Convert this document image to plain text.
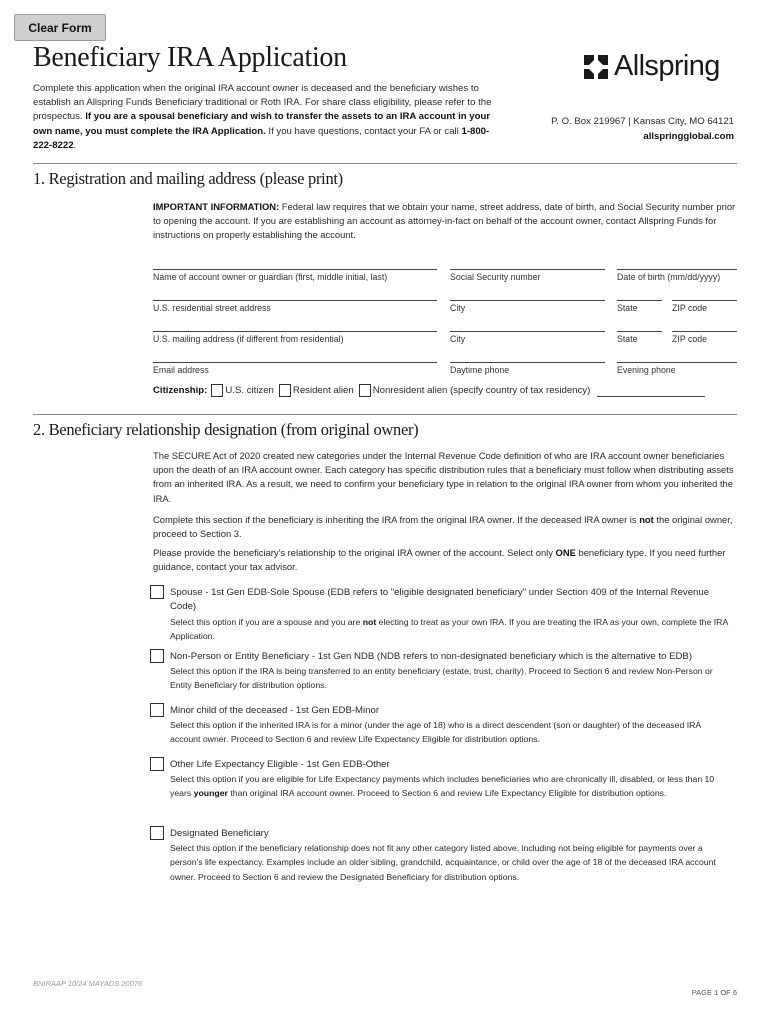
Clear Form
Beneficiary IRA Application	Allspring
Complete this application when the original IRA account owner is deceased and the beneficiary wishes to establish an Allspring Funds Beneficiary traditional or Roth IRA. For share class eligibility, please refer to the prospectus. If you are a spousal beneficiary and wish to transfer the assets to an IRA account in your own name, you must complete the IRA Application. If you have questions, contact your FA or call 1-800-222-8222.
P. O. Box 219967 | Kansas City, MO 64121
allspringglobal.com
1. Registration and mailing address (please print)
IMPORTANT INFORMATION: Federal law requires that we obtain your name, street address, date of birth, and Social Security number prior to opening the account. If you are establishing an account as attorney-in-fact on behalf of the account owner, contact Allspring Funds for instructions on properly establishing the account.
Name of account owner or guardian (first, middle initial, last)	Social Security number	Date of birth (mm/dd/yyyy)
U.S. residential street address	City	State	ZIP code
U.S. mailing address (if different from residential)	City	State	ZIP code
Email address	Daytime phone	Evening phone
Citizenship: U.S. citizen Resident alien Nonresident alien (specify country of tax residency)
2. Beneficiary relationship designation (from original owner)
The SECURE Act of 2020 created new categories under the Internal Revenue Code definition of who are IRA account owner beneficiaries upon the death of an IRA account owner. Each category has specific distribution rules that a beneficiary must follow when distributing assets from an inherited IRA. As a result, we need to confirm your beneficiary type in relation to the original IRA owner from whom you inherited the IRA.
Complete this section if the beneficiary is inheriting the IRA from the original IRA owner. If the deceased IRA owner is not the original owner, proceed to Section 3.
Please provide the beneficiary's relationship to the original IRA owner of the account. Select only ONE beneficiary type. If you need further guidance, contact your tax advisor.
Spouse - 1st Gen EDB-Sole Spouse (EDB refers to "eligible designated beneficiary" under Section 409 of the Internal Revenue Code)
Select this option if you are a spouse and you are not electing to treat as your own IRA. If you are treating the IRA as your own, complete the IRA Application.
Non-Person or Entity Beneficiary - 1st Gen NDB (NDB refers to non-designated beneficiary which is the alternative to EDB)
Select this option if the IRA is being transferred to an entity beneficiary (estate, trust, charity). Proceed to Section 6 and review Non-Person or Entity Beneficiary for distribution options.
Minor child of the deceased - 1st Gen EDB-Minor
Select this option if the inherited IRA is for a minor (under the age of 18) who is a direct descendent (son or daughter) of the deceased IRA account owner. Proceed to Section 6 and review Life Expectancy Eligible for distribution options.
Other Life Expectancy Eligible - 1st Gen EDB-Other
Select this option if you are eligible for Life Expectancy payments which includes beneficiaries who are chronically ill, disabled, or less than 10 years younger than original IRA account owner. Proceed to Section 6 and review Life Expectancy Eligible for distribution options.
Designated Beneficiary
Select this option if the beneficiary relationship does not fit any other category listed above, including not being eligible for payments over a person's life expectancy. Examples include an older sibling, grandchild, acquaintance, or child over the age of 18 of the deceased IRA account owner. Proceed to Section 6 and review the Designated Beneficiary for distribution options.
BNIRAAP 10/24 MAYADS 20076
PAGE 1 OF 6
